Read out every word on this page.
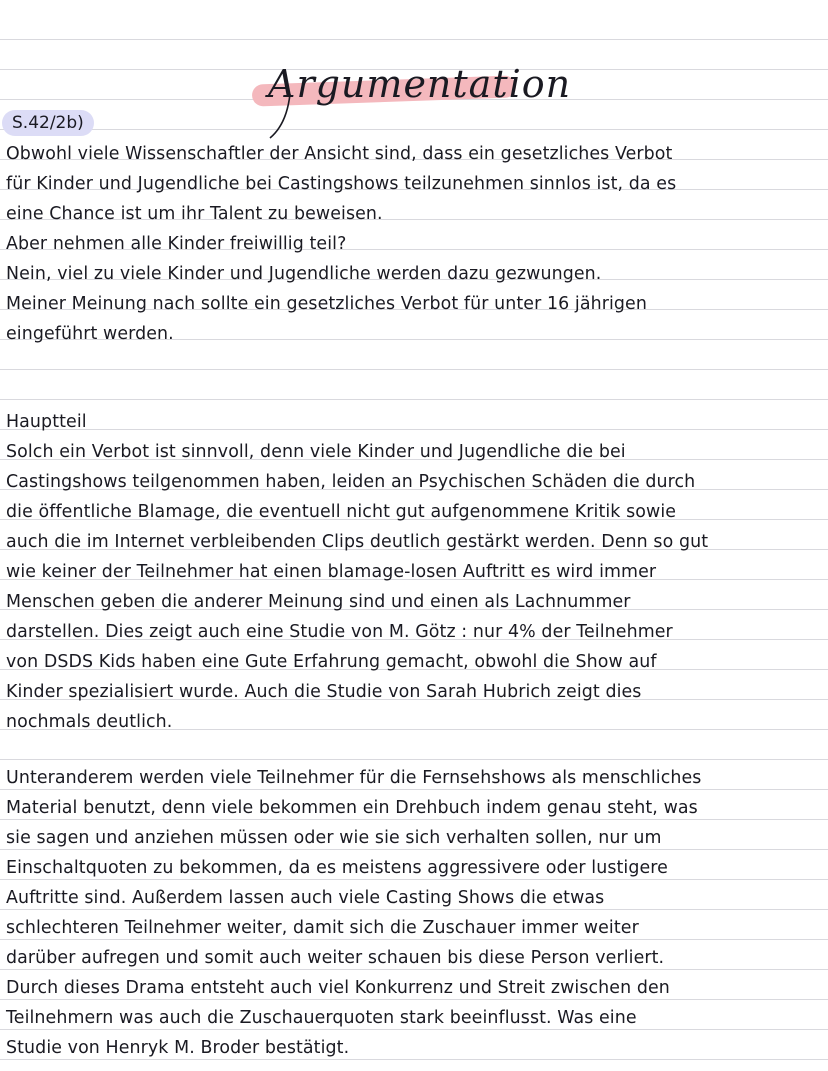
Argumentation
S.42/2b)
Obwohl viele Wissenschaftler der Ansicht sind, dass ein gesetzliches Verbot
für Kinder und Jugendliche bei Castingshows teilzunehmen sinnlos ist, da es
eine Chance ist um ihr Talent zu beweisen.
Aber nehmen alle Kinder freiwillig teil?
Nein, viel zu viele Kinder und Jugendliche werden dazu gezwungen.
Meiner Meinung nach sollte ein gesetzliches Verbot für unter 16 jährigen
eingeführt werden.
Hauptteil
Solch ein Verbot ist sinnvoll, denn viele Kinder und Jugendliche die bei
Castingshows teilgenommen haben, leiden an Psychischen Schäden die durch
die öffentliche Blamage, die eventuell nicht gut aufgenommene Kritik sowie
auch die im Internet verbleibenden Clips deutlich gestärkt werden. Denn so gut
wie keiner der Teilnehmer hat einen blamage-losen Auftritt es wird immer
Menschen geben die anderer Meinung sind und einen als Lachnummer
darstellen. Dies zeigt auch eine Studie von M. Götz : nur 4% der Teilnehmer
von DSDS Kids haben eine Gute Erfahrung gemacht, obwohl die Show auf
Kinder spezialisiert wurde. Auch die Studie von Sarah Hubrich zeigt dies
nochmals deutlich.
Unteranderem werden viele Teilnehmer für die Fernsehshows als menschliches
Material benutzt, denn viele bekommen ein Drehbuch indem genau steht, was
sie sagen und anziehen müssen oder wie sie sich verhalten sollen, nur um
Einschaltquoten zu bekommen, da es meistens aggressivere oder lustigere
Auftritte sind. Außerdem lassen auch viele Casting Shows die etwas
schlechteren Teilnehmer weiter, damit sich die Zuschauer immer weiter
darüber aufregen und somit auch weiter schauen bis diese Person verliert.
Durch dieses Drama entsteht auch viel Konkurrenz und Streit zwischen den
Teilnehmern was auch die Zuschauerquoten stark beeinflusst. Was eine
Studie von Henryk M. Broder bestätigt.
